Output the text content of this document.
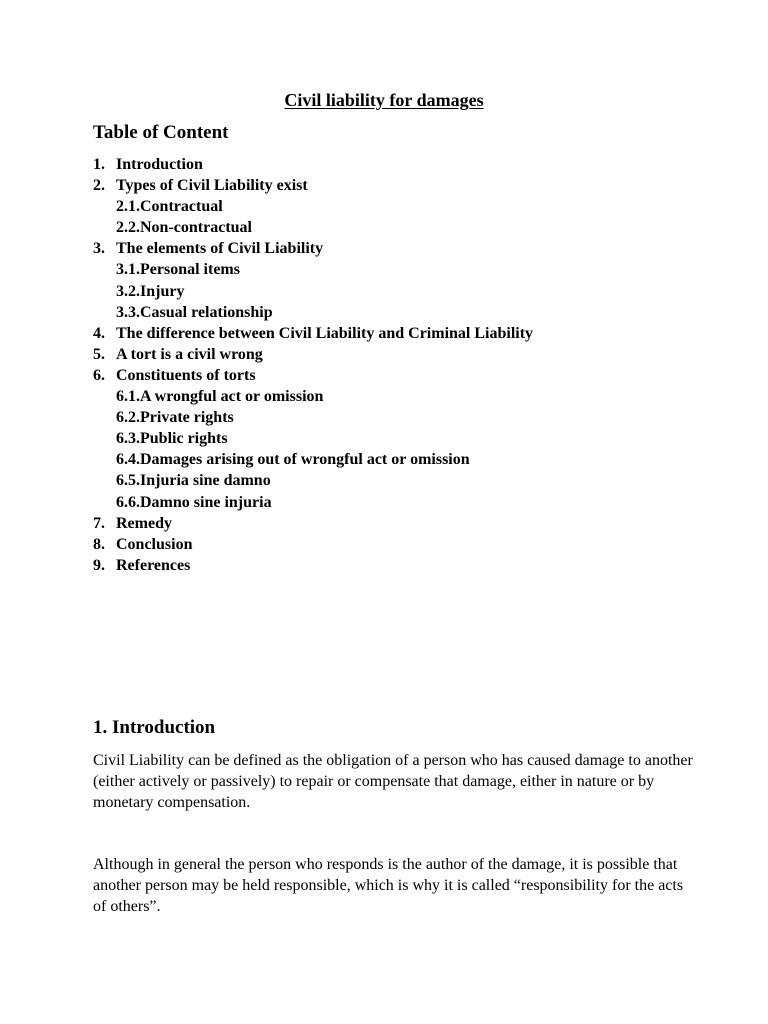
Civil liability for damages
Table of Content
1. Introduction
2. Types of Civil Liability exist
2.1.Contractual
2.2.Non-contractual
3. The elements of Civil Liability
3.1.Personal items
3.2.Injury
3.3.Casual relationship
4. The difference between Civil Liability and Criminal Liability
5. A tort is a civil wrong
6. Constituents of torts
6.1.A wrongful act or omission
6.2.Private rights
6.3.Public rights
6.4.Damages arising out of wrongful act or omission
6.5.Injuria sine damno
6.6.Damno sine injuria
7. Remedy
8. Conclusion
9. References
1. Introduction

Civil Liability can be defined as the obligation of a person who has caused damage to another (either actively or passively) to repair or compensate that damage, either in nature or by monetary compensation.

Although in general the person who responds is the author of the damage, it is possible that another person may be held responsible, which is why it is called “responsibility for the acts of others”.
